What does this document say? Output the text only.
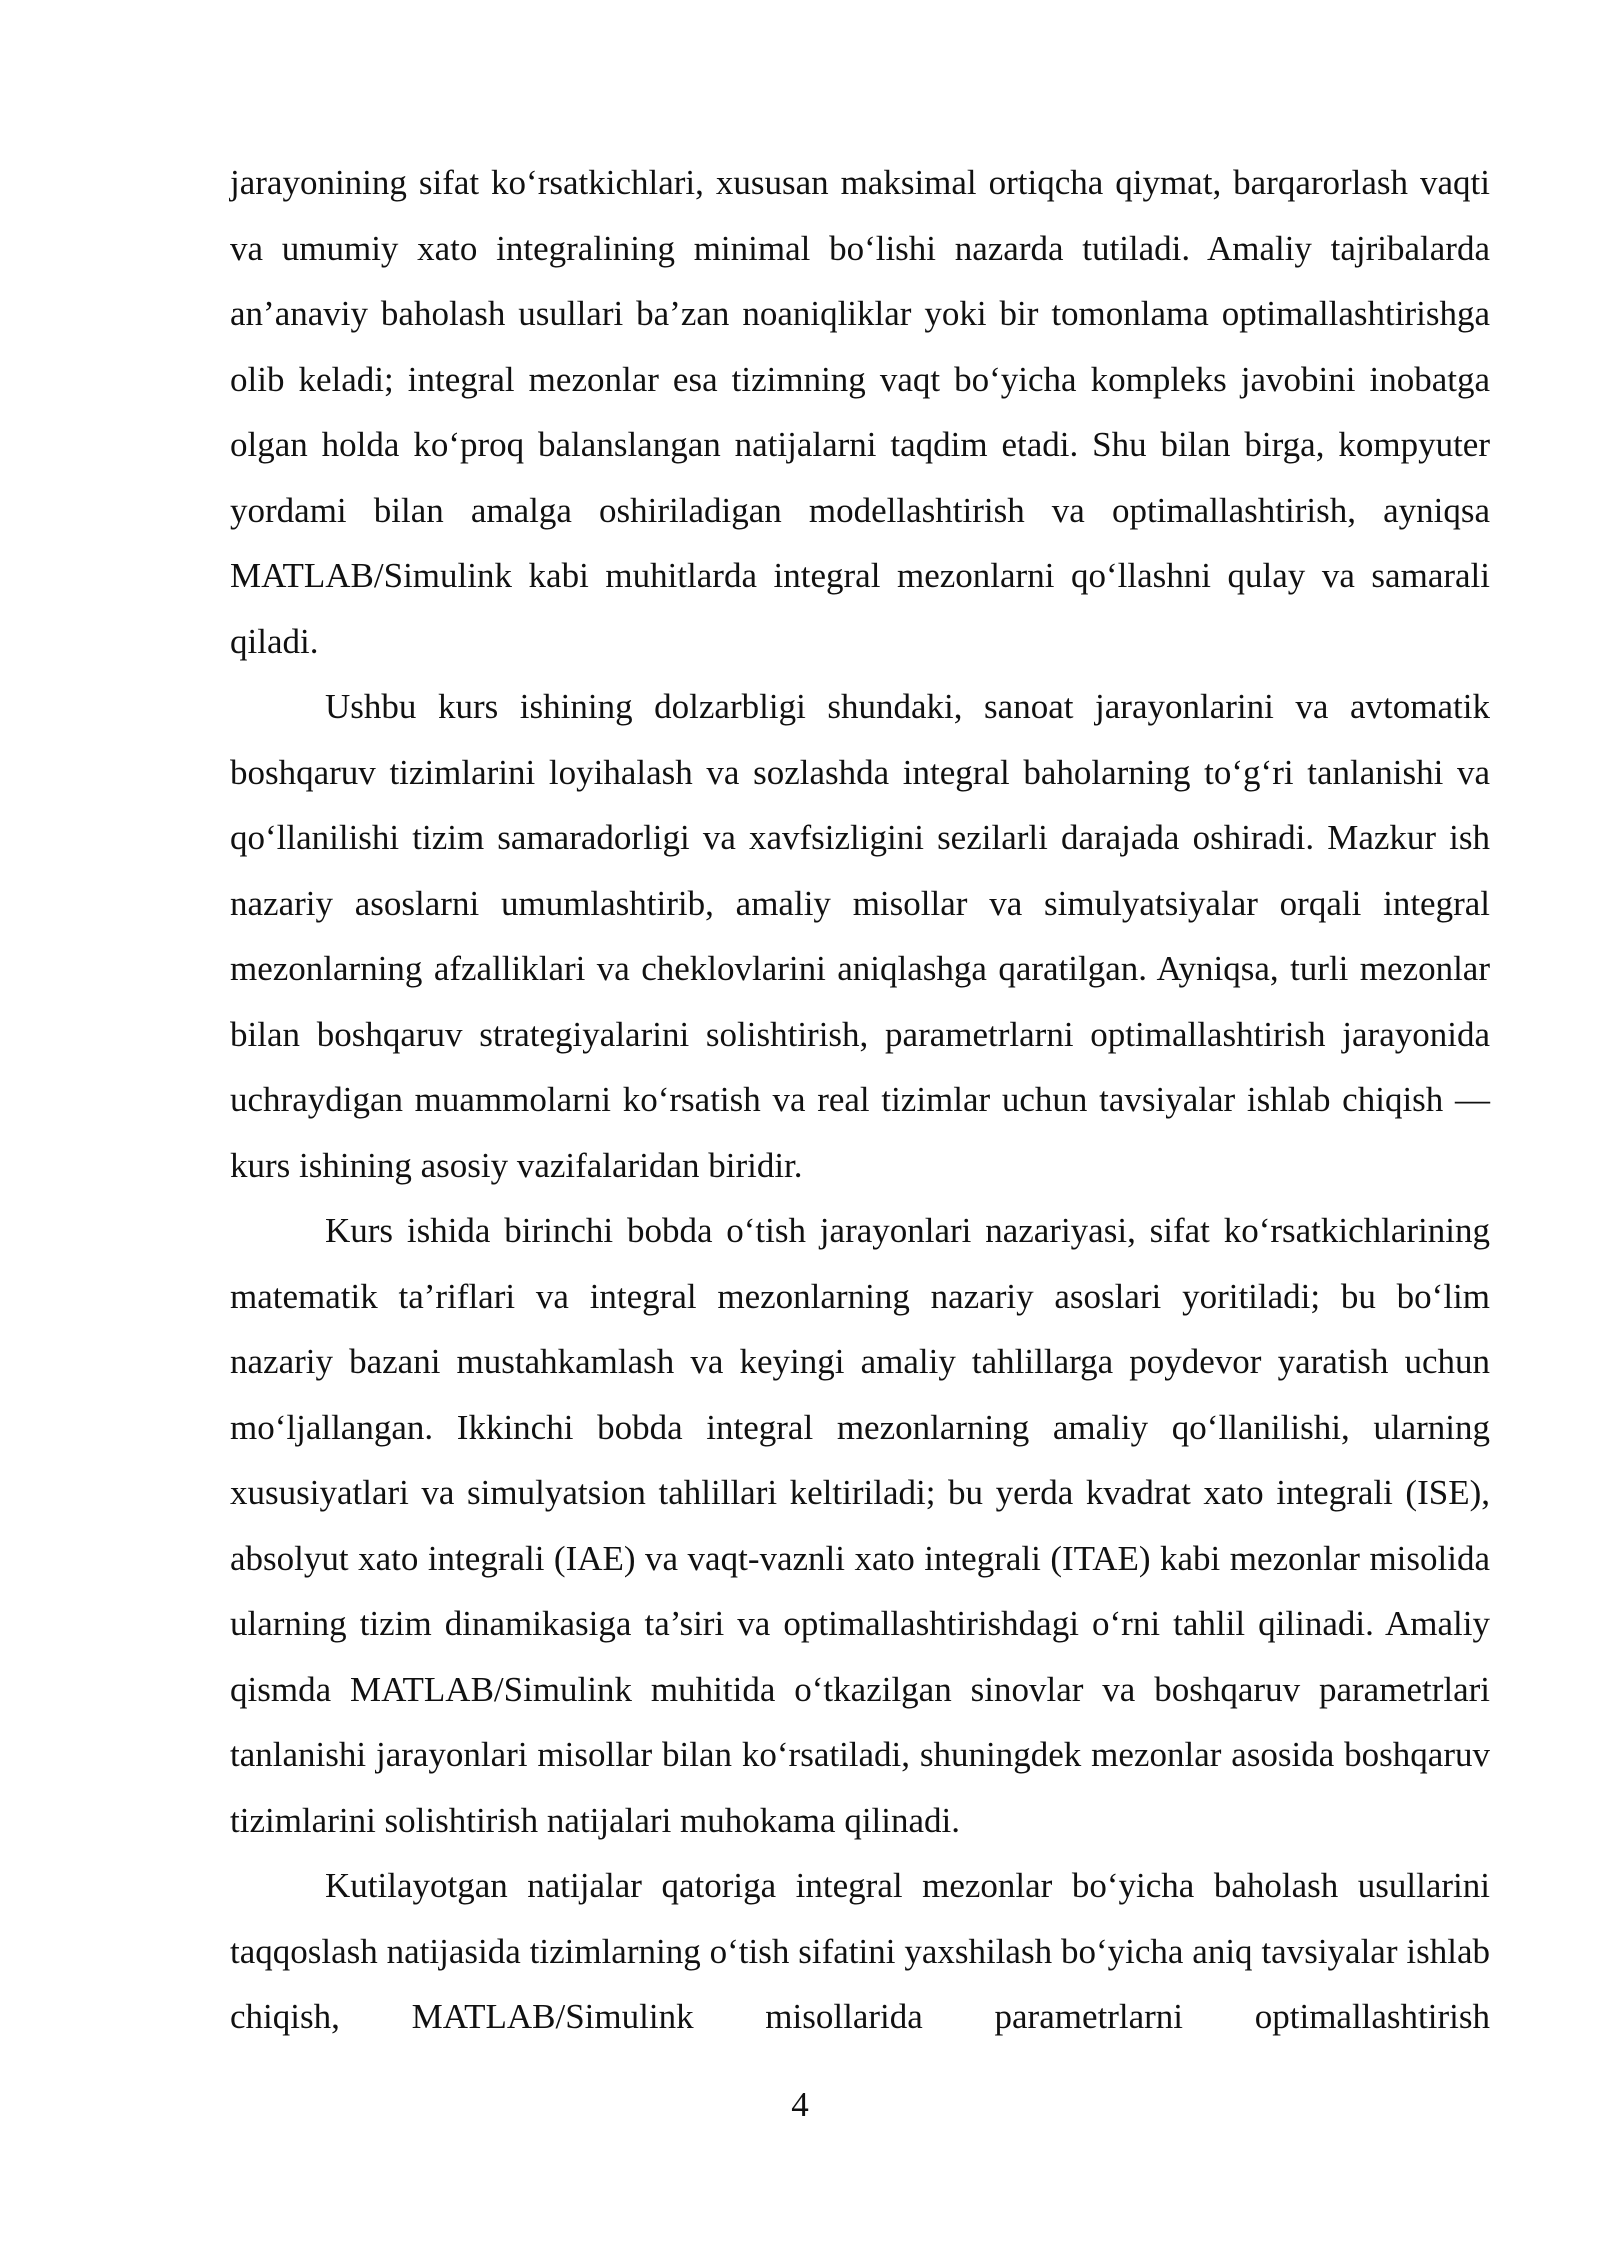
jarayonining sifat ko‘rsatkichlari, xususan maksimal ortiqcha qiymat, barqarorlash vaqti va umumiy xato integralining minimal bo‘lishi nazarda tutiladi. Amaliy tajribalarda an’anaviy baholash usullari ba’zan noaniqliklar yoki bir tomonlama optimallashtirishga olib keladi; integral mezonlar esa tizimning vaqt bo‘yicha kompleks javobini inobatga olgan holda ko‘proq balanslangan natijalarni taqdim etadi. Shu bilan birga, kompyuter yordami bilan amalga oshiriladigan modellashtirish va optimallashtirish, ayniqsa MATLAB/Simulink kabi muhitlarda integral mezonlarni qo‘llashni qulay va samarali qiladi.

Ushbu kurs ishining dolzarbligi shundaki, sanoat jarayonlarini va avtomatik boshqaruv tizimlarini loyihalash va sozlashda integral baholarning to‘g‘ri tanlanishi va qo‘llanilishi tizim samaradorligi va xavfsizligini sezilarli darajada oshiradi. Mazkur ish nazariy asoslarni umumlashtirib, amaliy misollar va simulyatsiyalar orqali integral mezonlarning afzalliklari va cheklovlarini aniqlashga qaratilgan. Ayniqsa, turli mezonlar bilan boshqaruv strategiyalarini solishtirish, parametrlarni optimallashtirish jarayonida uchraydigan muammolarni ko‘rsatish va real tizimlar uchun tavsiyalar ishlab chiqish — kurs ishining asosiy vazifalaridan biridir.

Kurs ishida birinchi bobda o‘tish jarayonlari nazariyasi, sifat ko‘rsatkichlarining matematik ta’riflari va integral mezonlarning nazariy asoslari yoritiladi; bu bo‘lim nazariy bazani mustahkamlash va keyingi amaliy tahlillarga poydevor yaratish uchun mo‘ljallangan. Ikkinchi bobda integral mezonlarning amaliy qo‘llanilishi, ularning xususiyatlari va simulyatsion tahlillari keltiriladi; bu yerda kvadrat xato integrali (ISE), absolyut xato integrali (IAE) va vaqt-vaznli xato integrali (ITAE) kabi mezonlar misolida ularning tizim dinamikasiga ta’siri va optimallashtirishdagi o‘rni tahlil qilinadi. Amaliy qismda MATLAB/Simulink muhitida o‘tkazilgan sinovlar va boshqaruv parametrlari tanlanishi jarayonlari misollar bilan ko‘rsatiladi, shuningdek mezonlar asosida boshqaruv tizimlarini solishtirish natijalari muhokama qilinadi.

Kutilayotgan natijalar qatoriga integral mezonlar bo‘yicha baholash usullarini taqqoslash natijasida tizimlarning o‘tish sifatini yaxshilash bo‘yicha aniq tavsiyalar ishlab chiqish, MATLAB/Simulink misollarida parametrlarni optimallashtirish

4
